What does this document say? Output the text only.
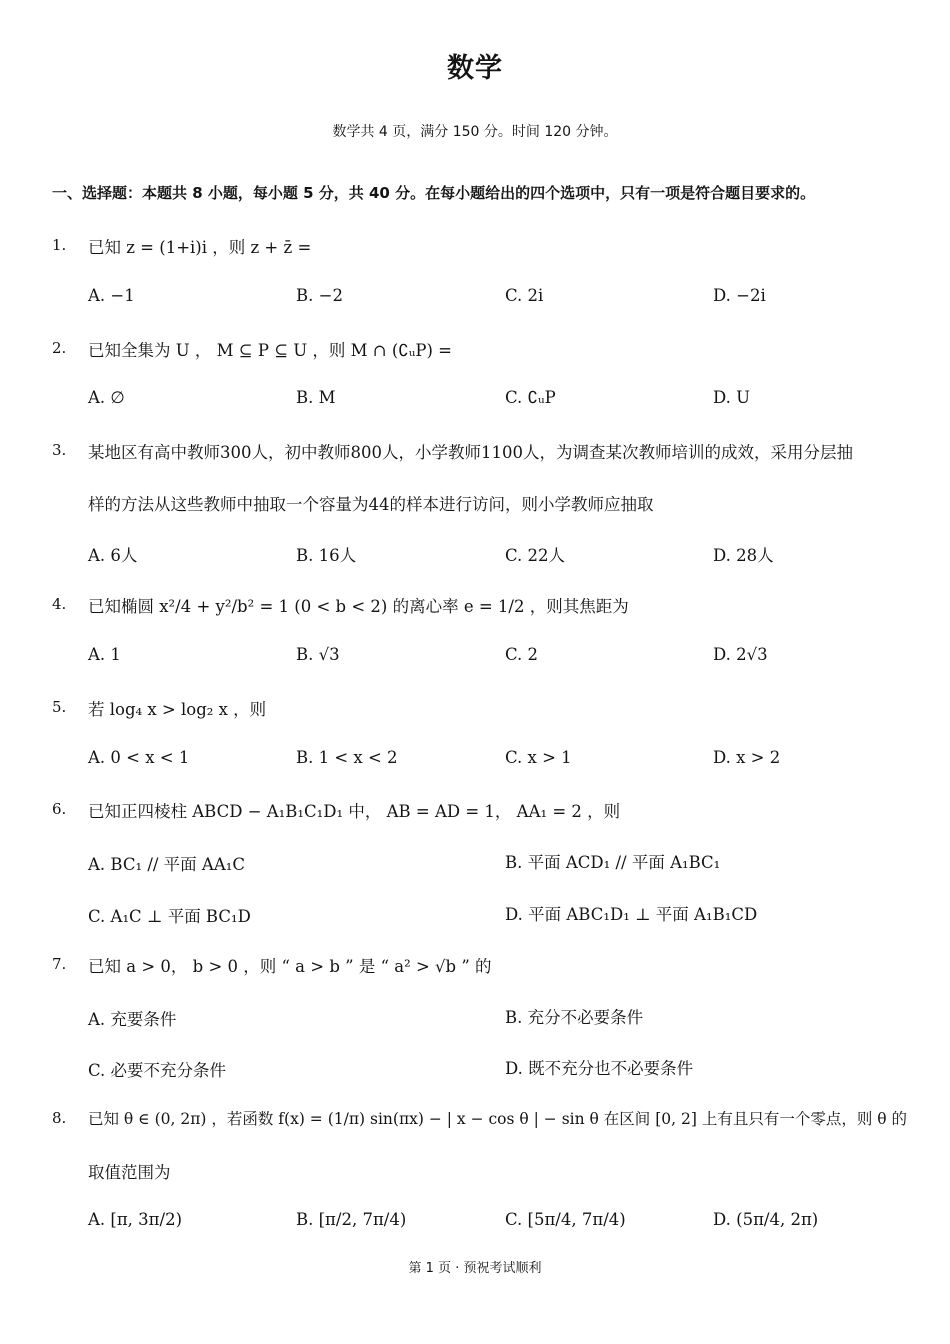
数学
数学共 4 页，满分 150 分。时间 120 分钟。
一、选择题：本题共 8 小题，每小题 5 分，共 40 分。在每小题给出的四个选项中，只有一项是符合题目要求的。
1. 已知 z = (1+i)i ，则 z + z̄ =
A. −1	B. −2	C. 2i	D. −2i
2. 已知全集为 U ， M ⊆ P ⊆ U ，则 M ∩ (∁ᵤP) =
A. ∅	B. M	C. ∁ᵤP	D. U
3. 某地区有高中教师300人，初中教师800人，小学教师1100人，为调查某次教师培训的成效，采用分层抽
样的方法从这些教师中抽取一个容量为44的样本进行访问，则小学教师应抽取
A. 6人	B. 16人	C. 22人	D. 28人
4. 已知椭圆 x²/4 + y²/b² = 1 (0 < b < 2) 的离心率 e = 1/2 ，则其焦距为
A. 1	B. √3	C. 2	D. 2√3
5. 若 log₄ x > log₂ x ，则
A. 0 < x < 1	B. 1 < x < 2	C. x > 1	D. x > 2
6. 已知正四棱柱 ABCD − A₁B₁C₁D₁ 中， AB = AD = 1， AA₁ = 2 ，则
A. BC₁ // 平面 AA₁C	B. 平面 ACD₁ // 平面 A₁BC₁
C. A₁C ⊥ 平面 BC₁D	D. 平面 ABC₁D₁ ⊥ 平面 A₁B₁CD
7. 已知 a > 0， b > 0 ，则 “ a > b ” 是 “ a² > √b ” 的
A. 充要条件	B. 充分不必要条件
C. 必要不充分条件	D. 既不充分也不必要条件
8. 已知 θ ∈ (0, 2π) ，若函数 f(x) = (1/π) sin(πx) − | x − cos θ | − sin θ 在区间 [0, 2] 上有且只有一个零点，则 θ 的
取值范围为
A. [π, 3π/2)	B. [π/2, 7π/4)	C. [5π/4, 7π/4)	D. (5π/4, 2π)
第 1 页 · 预祝考试顺利
